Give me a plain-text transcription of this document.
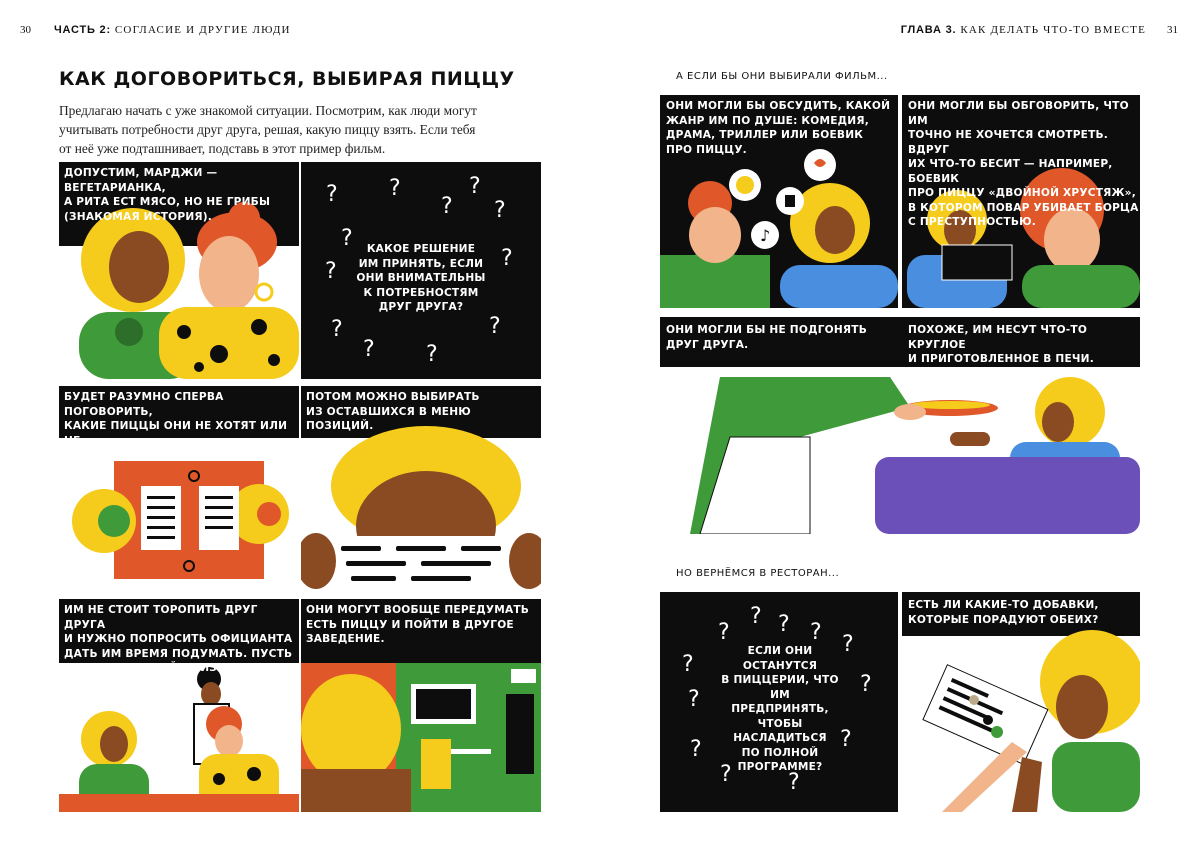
30 ЧАСТЬ 2: СОГЛАСИЕ И ДРУГИЕ ЛЮДИ	ГЛАВА 3. КАК ДЕЛАТЬ ЧТО-ТО ВМЕСТЕ 31
КАК ДОГОВОРИТЬСЯ, ВЫБИРАЯ ПИЦЦУ
Предлагаю начать с уже знакомой ситуации. Посмотрим, как люди могут
учитывать потребности друг друга, решая, какую пиццу взять. Если тебя
от неё уже подташнивает, подставь в этот пример фильм.
ДОПУСТИМ, МАРДЖИ — ВЕГЕТАРИАНКА,
А РИТА ЕСТ МЯСО, НО НЕ ГРИБЫ
(ЗНАКОМАЯ ИСТОРИЯ).
? ?
?
?
?
?
?
?
?
? ?
?
КАКОЕ РЕШЕНИЕ
ИМ ПРИНЯТЬ, ЕСЛИ
ОНИ ВНИМАТЕЛЬНЫ
К ПОТРЕБНОСТЯМ
ДРУГ ДРУГА?
БУДЕТ РАЗУМНО СПЕРВА ПОГОВОРИТЬ,
КАКИЕ ПИЦЦЫ ОНИ НЕ ХОТЯТ ИЛИ НЕ
МОГУТ ЕСТЬ.
ПОТОМ МОЖНО ВЫБИРАТЬ
ИЗ ОСТАВШИХСЯ В МЕНЮ ПОЗИЦИЙ.
ИМ НЕ СТОИТ ТОРОПИТЬ ДРУГ ДРУГА
И НУЖНО ПОПРОСИТЬ ОФИЦИАНТА
ДАТЬ ИМ ВРЕМЯ ПОДУМАТЬ. ПУСТЬ
КАЖДАЯ СПОКОЙНО ИЗУЧИТ МЕНЮ.
ОНИ МОГУТ ВООБЩЕ ПЕРЕДУМАТЬ
ЕСТЬ ПИЦЦУ И ПОЙТИ В ДРУГОЕ
ЗАВЕДЕНИЕ.
А ЕСЛИ БЫ ОНИ ВЫБИРАЛИ ФИЛЬМ...
♪
ОНИ МОГЛИ БЫ ОБСУДИТЬ, КАКОЙ
ЖАНР ИМ ПО ДУШЕ: КОМЕДИЯ,
ДРАМА, ТРИЛЛЕР ИЛИ БОЕВИК
ПРО ПИЦЦУ.
ОНИ МОГЛИ БЫ ОБГОВОРИТЬ, ЧТО ИМ
ТОЧНО НЕ ХОЧЕТСЯ СМОТРЕТЬ. ВДРУГ
ИХ ЧТО-ТО БЕСИТ — НАПРИМЕР, БОЕВИК
ПРО ПИЦЦУ «ДВОЙНОЙ ХРУСТЯЖ»,
В КОТОРОМ ПОВАР УБИВАЕТ БОРЦА
С ПРЕСТУПНОСТЬЮ.
ОНИ МОГЛИ БЫ НЕ ПОДГОНЯТЬ
ДРУГ ДРУГА.
ПОХОЖЕ, ИМ НЕСУТ ЧТО-ТО КРУГЛОЕ
И ПРИГОТОВЛЕННОЕ В ПЕЧИ.
НО ВЕРНЁМСЯ В РЕСТОРАН...
?
? ? ? ?
?
?
?
?	?
?	?
ЕСЛИ ОНИ
ОСТАНУТСЯ
В ПИЦЦЕРИИ, ЧТО
ИМ ПРЕДПРИНЯТЬ,
ЧТОБЫ
НАСЛАДИТЬСЯ
ПО ПОЛНОЙ
ПРОГРАММЕ?
ЕСТЬ ЛИ КАКИЕ-ТО ДОБАВКИ,
КОТОРЫЕ ПОРАДУЮТ ОБЕИХ?
